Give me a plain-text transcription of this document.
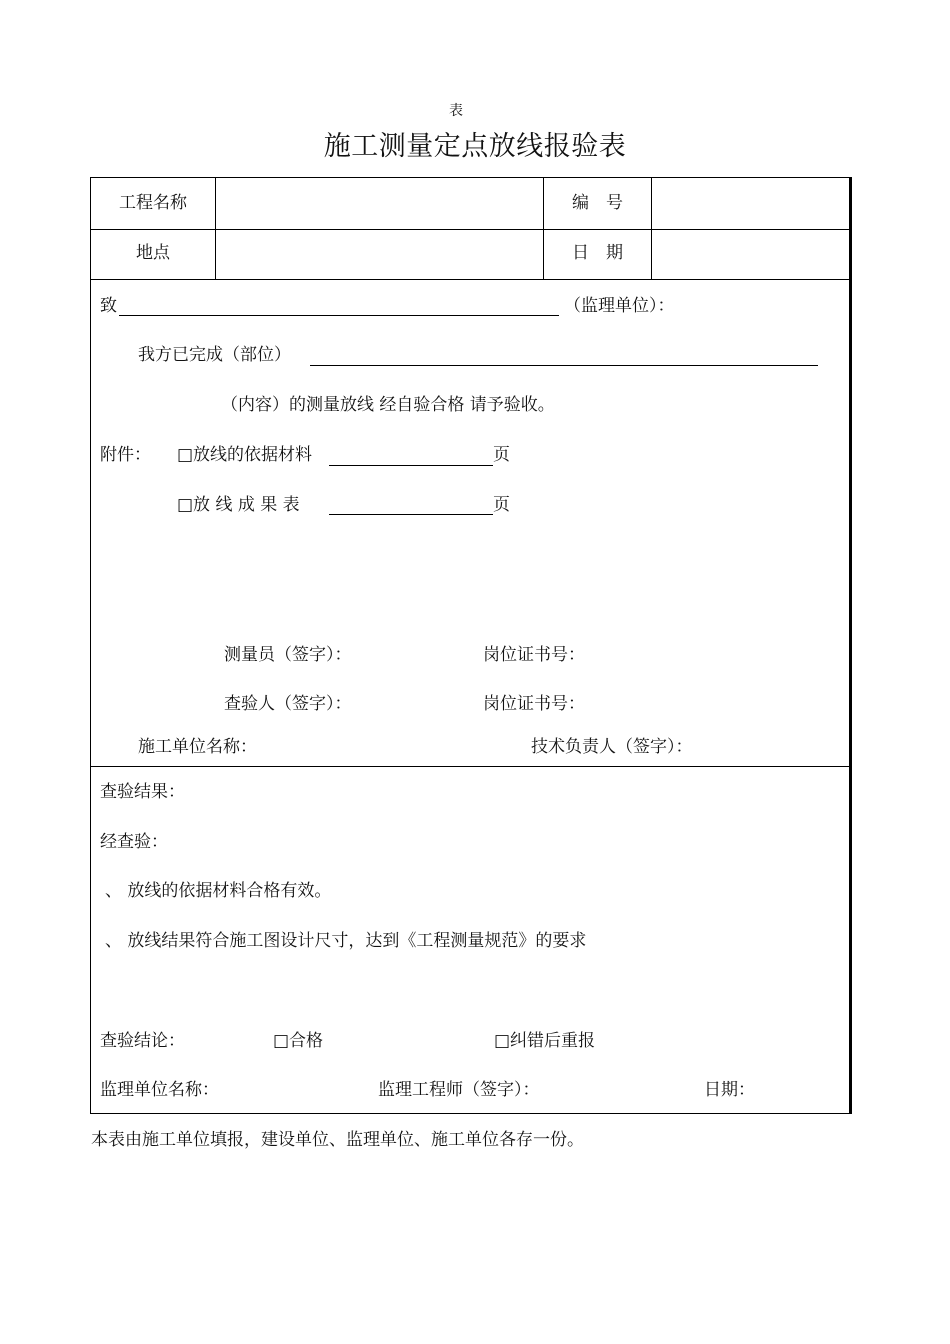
表
施工测量定点放线报验表
工程名称	编　号
地点	日　期
致	（监理单位）：
我方已完成（部位）
（内容）的测量放线 经自验合格 请予验收。
附件： □放线的依据材料	页
□放 线 成 果 表	页
测量员（签字）：	岗位证书号：
查验人（签字）：	岗位证书号：
施工单位名称：	技术负责人（签字）：
查验结果：
经查验：
、 放线的依据材料合格有效。
、 放线结果符合施工图设计尺寸，达到《工程测量规范》的要求
查验结论：	□合格	□纠错后重报
监理单位名称：	监理工程师（签字）：	日期：
本表由施工单位填报，建设单位、监理单位、施工单位各存一份。
